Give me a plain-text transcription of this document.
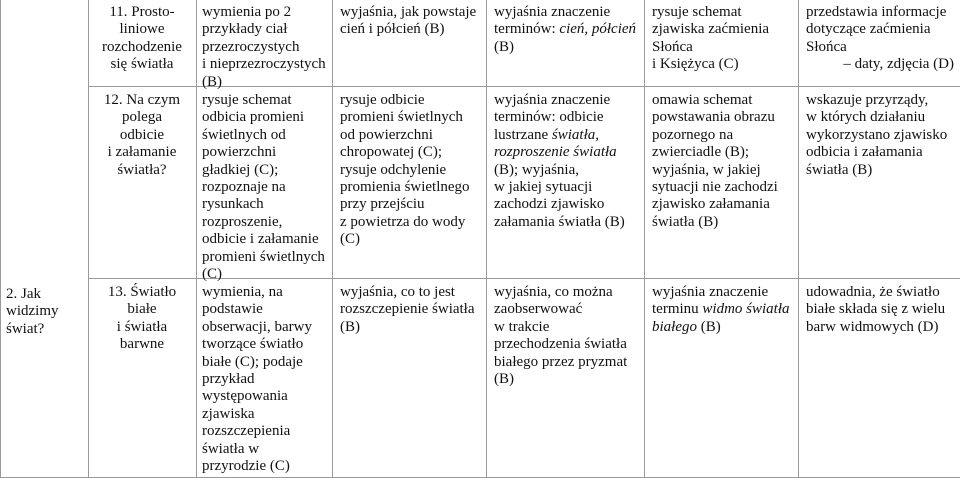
2. Jak
widzimy
świat?
11. Prosto-
liniowe
rozchodzenie
się światła
wymienia po 2
przykłady ciał
przezroczystych
i nieprzezroczystych
(B)
wyjaśnia, jak powstaje
cień i półcień (B)
wyjaśnia znaczenie
terminów: cień, półcień
(B)
rysuje schemat
zjawiska zaćmienia
Słońca
i Księżyca (C)
przedstawia informacje
dotyczące zaćmienia
Słońca
– daty, zdjęcia (D)
12. Na czym
polega
odbicie
i załamanie
światła?
rysuje schemat
odbicia promieni
świetlnych od
powierzchni
gładkiej (C);
rozpoznaje na
rysunkach
rozproszenie,
odbicie i załamanie
promieni świetlnych
(C)
rysuje odbicie
promieni świetlnych
od powierzchni
chropowatej (C);
rysuje odchylenie
promienia świetlnego
przy przejściu
z powietrza do wody
(C)
wyjaśnia znaczenie
terminów: odbicie
lustrzane światła,
rozproszenie światła
(B); wyjaśnia,
w jakiej sytuacji
zachodzi zjawisko
załamania światła (B)
omawia schemat
powstawania obrazu
pozornego na
zwierciadle (B);
wyjaśnia, w jakiej
sytuacji nie zachodzi
zjawisko załamania
światła (B)
wskazuje przyrządy,
w których działaniu
wykorzystano zjawisko
odbicia i załamania
światła (B)
13. Światło
białe
i światła
barwne
wymienia, na
podstawie
obserwacji, barwy
tworzące światło
białe (C); podaje
przykład
występowania
zjawiska
rozszczepienia
światła w
przyrodzie (C)
wyjaśnia, co to jest
rozszczepienie światła
(B)
wyjaśnia, co można
zaobserwować
w trakcie
przechodzenia światła
białego przez pryzmat
(B)
wyjaśnia znaczenie
terminu widmo światła
białego (B)
udowadnia, że światło
białe składa się z wielu
barw widmowych (D)
